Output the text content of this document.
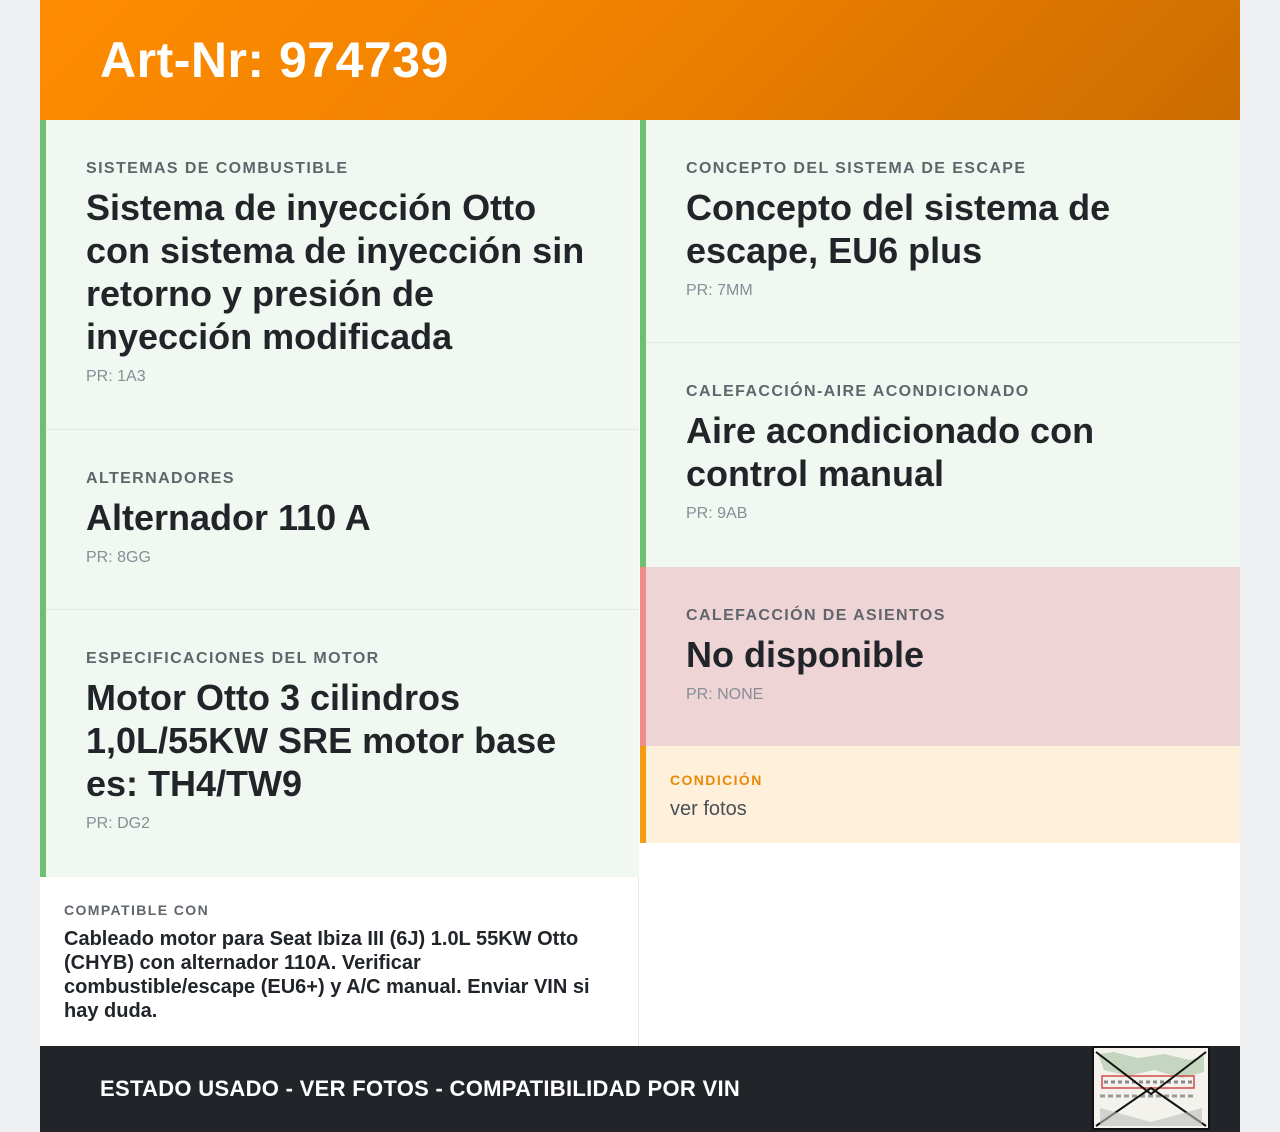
Art-Nr: 974739
SISTEMAS DE COMBUSTIBLE
Sistema de inyección Otto con sistema de inyección sin retorno y presión de inyección modificada
PR: 1A3
ALTERNADORES
Alternador 110 A
PR: 8GG
ESPECIFICACIONES DEL MOTOR
Motor Otto 3 cilindros 1,0L/55KW SRE motor base es: TH4/TW9
PR: DG2
CONCEPTO DEL SISTEMA DE ESCAPE
Concepto del sistema de escape, EU6 plus
PR: 7MM
CALEFACCIÓN-AIRE ACONDICIONADO
Aire acondicionado con control manual
PR: 9AB
CALEFACCIÓN DE ASIENTOS
No disponible
PR: NONE
CONDICIÓN
ver fotos
COMPATIBLE CON
Cableado motor para Seat Ibiza III (6J) 1.0L 55KW Otto (CHYB) con alternador 110A. Verificar combustible/escape (EU6+) y A/C manual. Enviar VIN si hay duda.
ESTADO USADO - VER FOTOS - COMPATIBILIDAD POR VIN
